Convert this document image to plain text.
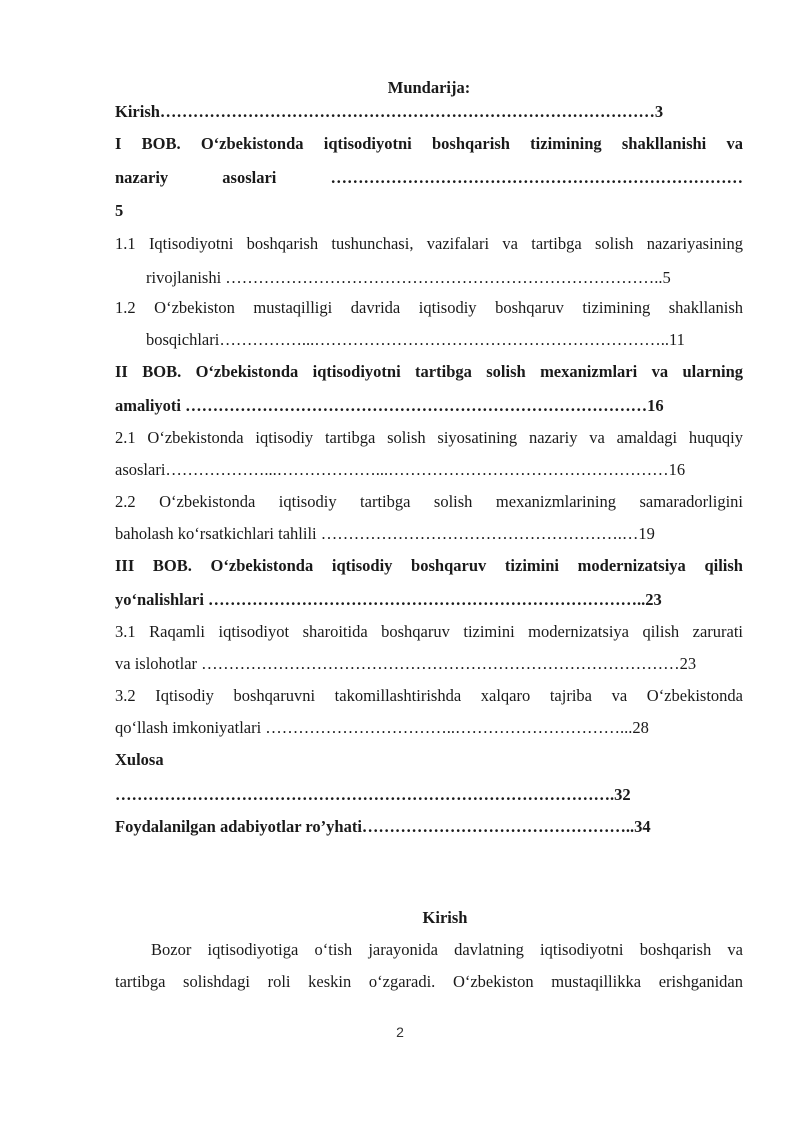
Mundarija:
Kirish………………………………………………………………………………3
I BOB. O‘zbekistonda iqtisodiyotni boshqarish tizimining shakllanishi va
nazariy asoslari …………………………………………………………………
5
1.1 Iqtisodiyotni boshqarish tushunchasi, vazifalari va tartibga solish nazariyasining
rivojlanishi ……………………………………………………………………..5
1.2 O‘zbekiston mustaqilligi davrida iqtisodiy boshqaruv tizimining shakllanish
bosqichlari……………...………………………………………………………..11
II BOB. O‘zbekistonda iqtisodiyotni tartibga solish mexanizmlari va ularning
amaliyoti …………………………………………………………………………16
2.1 O‘zbekistonda iqtisodiy tartibga solish siyosatining nazariy va amaldagi huquqiy
asoslari………………...………………...……………………………………………16
2.2 O‘zbekistonda iqtisodiy tartibga solish mexanizmlarining samaradorligini
baholash ko‘rsatkichlari tahlili ……………………………………………….…19
III BOB. O‘zbekistonda iqtisodiy boshqaruv tizimini modernizatsiya qilish
yo‘nalishlari ……………………………………………………………………..23
3.1 Raqamli iqtisodiyot sharoitida boshqaruv tizimini modernizatsiya qilish zarurati
va islohotlar ……………………………………………………………………………23
3.2 Iqtisodiy boshqaruvni takomillashtirishda xalqaro tajriba va O‘zbekistonda
qo‘llash imkoniyatlari ……………………………..…………………………...28
Xulosa
……………………………………………………………………………….32
Foydalanilgan adabiyotlar ro’yhati…………………………………………..34
Kirish
Bozor iqtisodiyotiga o‘tish jarayonida davlatning iqtisodiyotni boshqarish va
tartibga solishdagi roli keskin o‘zgaradi. O‘zbekiston mustaqillikka erishganidan
2
